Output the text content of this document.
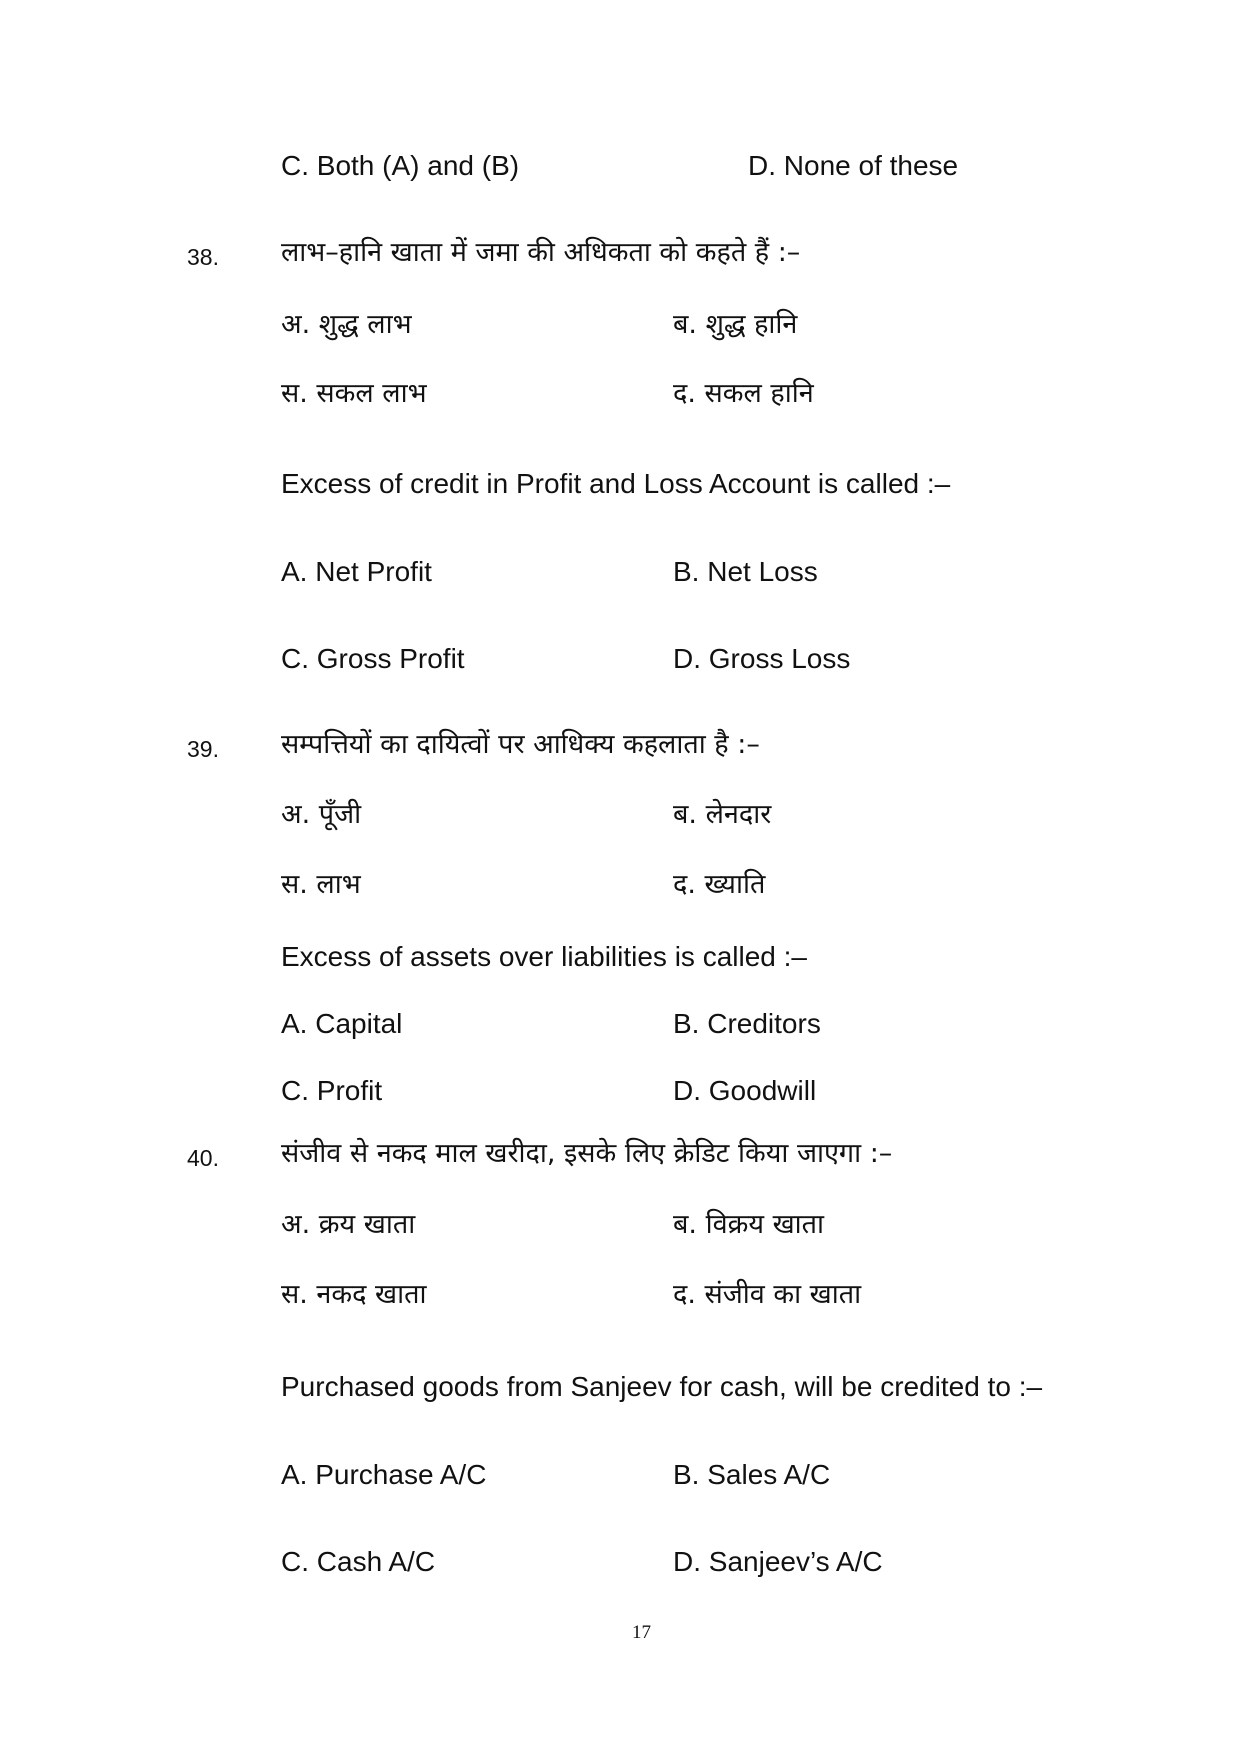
C. Both (A) and (B)	D. None of these
38. लाभ–हानि खाता में जमा की अधिकता को कहते हैं :–
अ. शुद्ध लाभ	ब. शुद्ध हानि
स. सकल लाभ	द. सकल हानि
Excess of credit in Profit and Loss Account is called :–
A. Net Profit	B. Net Loss
C. Gross Profit	D. Gross Loss
39. सम्पत्तियों का दायित्वों पर आधिक्य कहलाता है :–
अ. पूँजी	ब. लेनदार
स. लाभ	द. ख्याति
Excess of assets over liabilities is called :–
A. Capital	B. Creditors
C. Profit	D. Goodwill
40. संजीव से नकद माल खरीदा, इसके लिए क्रेडिट किया जाएगा :–
अ. क्रय खाता	ब. विक्रय खाता
स. नकद खाता	द. संजीव का खाता
Purchased goods from Sanjeev for cash, will be credited to :–
A. Purchase A/C	B. Sales A/C
C. Cash A/C	D. Sanjeev’s A/C
17
